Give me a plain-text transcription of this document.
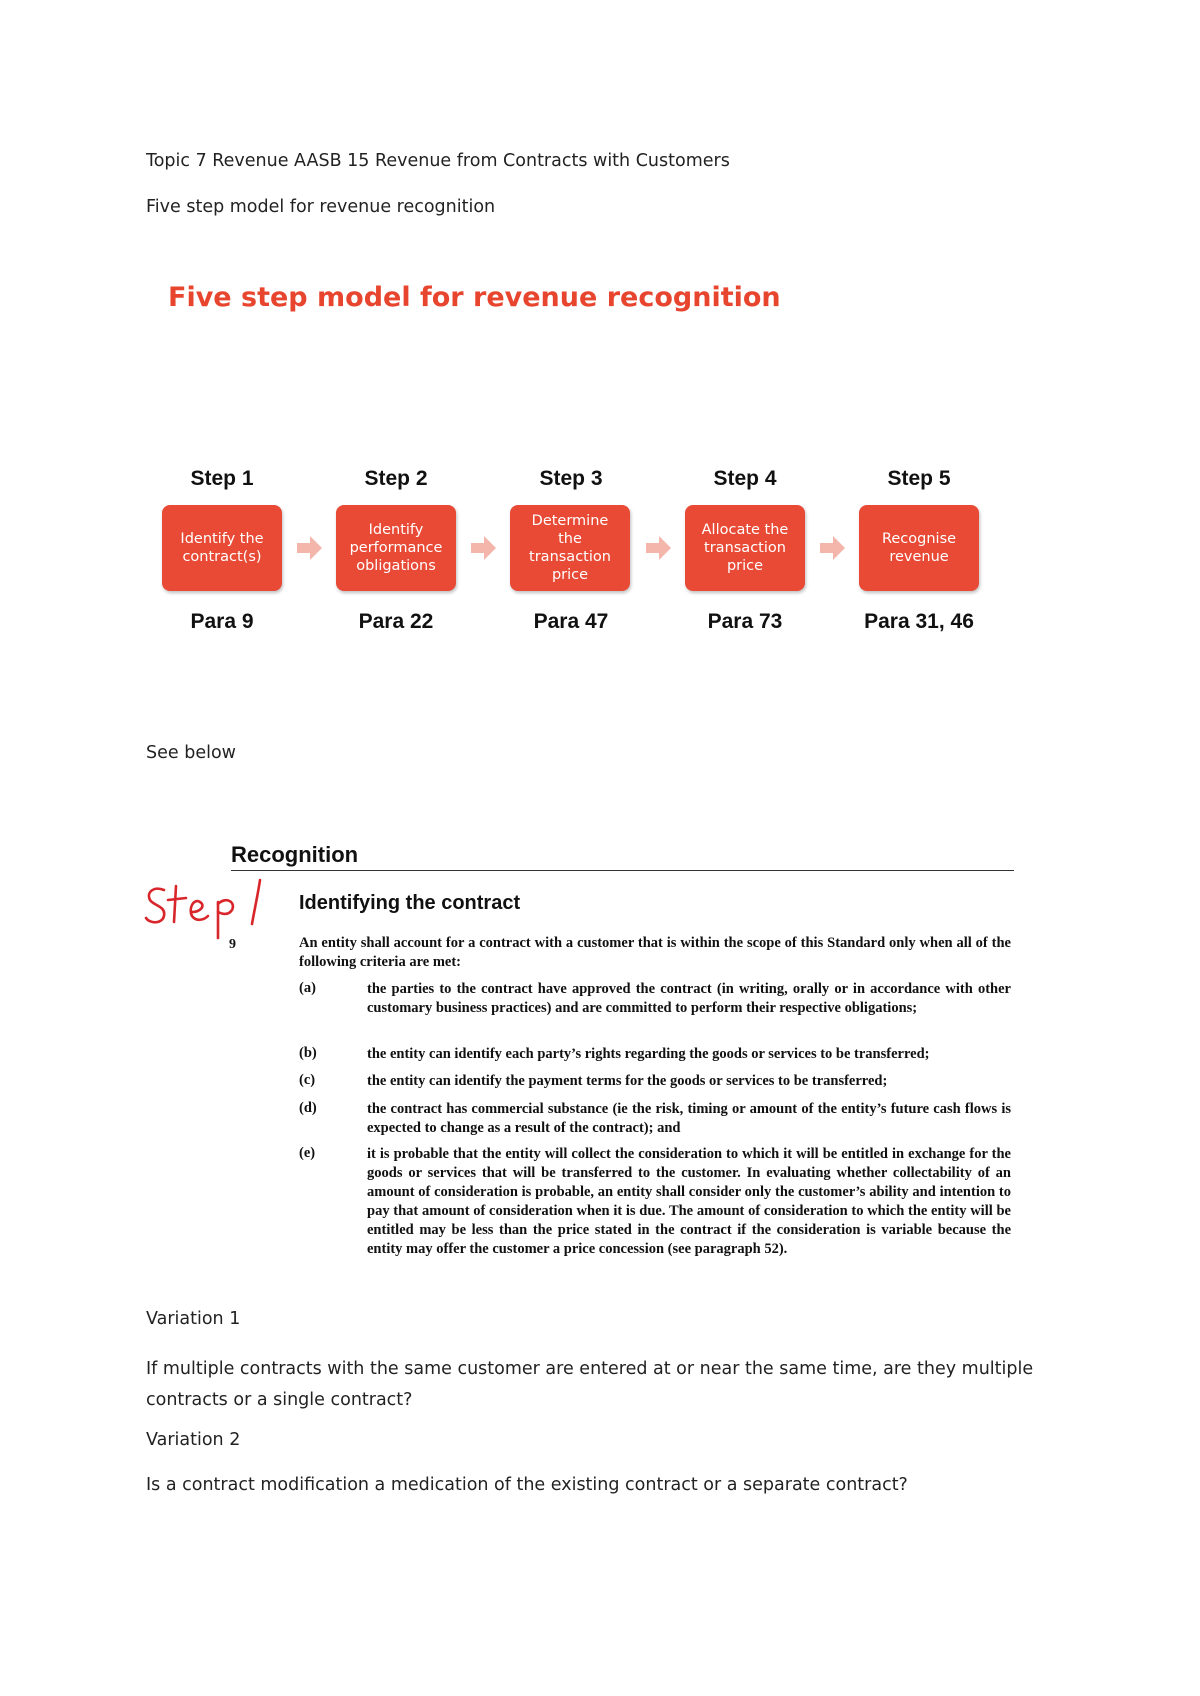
Topic 7 Revenue AASB 15 Revenue from Contracts with Customers
Five step model for revenue recognition
Five step model for revenue recognition
Step 1
Identify the
contract(s)
Para 9
Step 2
Identify
performance
obligations
Para 22
Step 3
Determine
the
transaction
price
Para 47
Step 4
Allocate the
transaction
price
Para 73
Step 5
Recognise
revenue
Para 31, 46
See below
Recognition
Identifying the contract
9	An entity shall account for a contract with a customer that is within the scope of this Standard only when all of the following criteria are met:
(a)	the parties to the contract have approved the contract (in writing, orally or in accordance with other customary business practices) and are committed to perform their respective obligations;
(b)	the entity can identify each party’s rights regarding the goods or services to be transferred;
(c)	the entity can identify the payment terms for the goods or services to be transferred;
(d)	the contract has commercial substance (ie the risk, timing or amount of the entity’s future cash flows is expected to change as a result of the contract); and
(e)	it is probable that the entity will collect the consideration to which it will be entitled in exchange for the goods or services that will be transferred to the customer. In evaluating whether collectability of an amount of consideration is probable, an entity shall consider only the customer’s ability and intention to pay that amount of consideration when it is due. The amount of consideration to which the entity will be entitled may be less than the price stated in the contract if the consideration is variable because the entity may offer the customer a price concession (see paragraph 52).
Variation 1
If multiple contracts with the same customer are entered at or near the same time, are they multiple contracts or a single contract?
Variation 2
Is a contract modification a medication of the existing contract or a separate contract?
